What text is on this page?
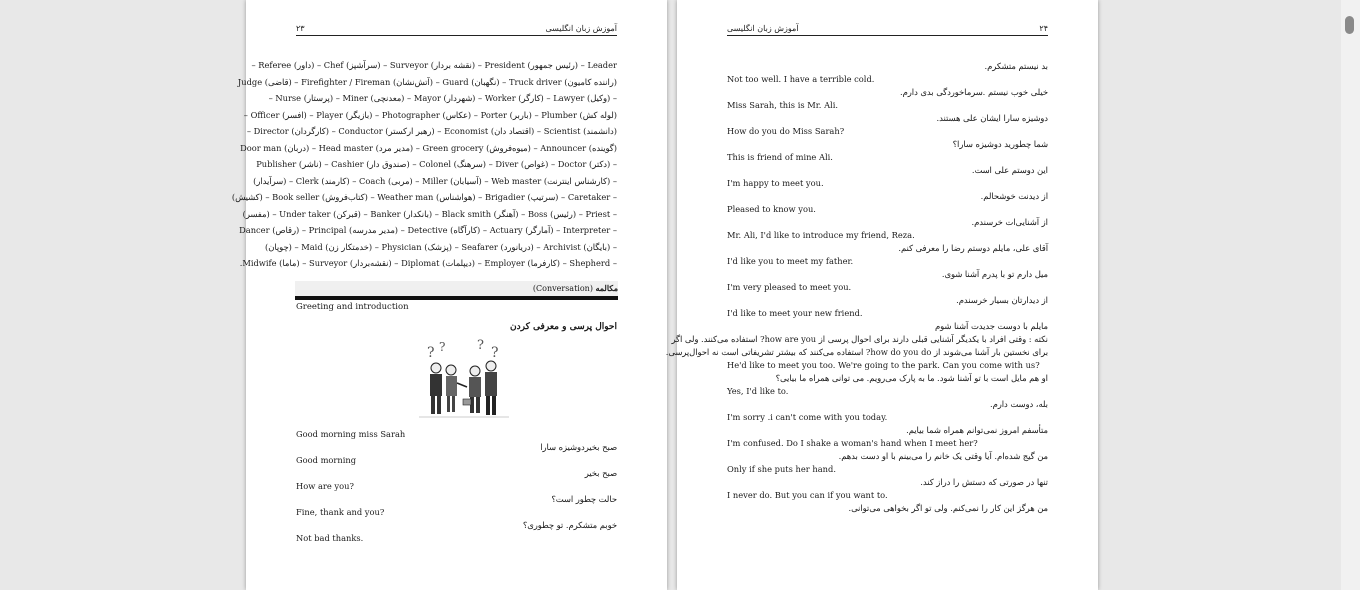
۲۳	آموزش زبان انگلیسی
Leader – (رئیس جمهور) President – (نقشه بردار) Surveyor – (سرآشپز) Chef – (داور) Referee –
(راننده کامیون) Truck driver – (نگهبان) Guard – (آتش‌نشان) Firefighter / Fireman – (قاضی) Judge
– (وکیل) Lawyer – (کارگر) Worker – (شهردار) Mayor – (معدنچی) Miner – (پرستار) Nurse –
(لوله کش) Plumber – (باربر) Porter – (عکاس) Photographer – (بازیگر) Player – (افسر) Officer –
(دانشمند) Scientist – (اقتصاد دان) Economist – (رهبر ارکستر) Conductor – (کارگردان) Director –
(گوینده) Announcer – (میوه‌فروش) Green grocery – (مدیر مرد) Head master – (دربان) Door man
– (دکتر) Doctor – (غواص) Diver – (سرهنگ) Colonel – (صندوق دار) Cashier – (ناشر) Publisher
– (کارشناس اینترنت) Web master – (آسیابان) Miller – (مربی) Coach – (کارمند) Clerk – (سرآیدار)
– Caretaker – (سرتیپ) Brigadier – (هواشناس) Weather man – (کتاب‌فروش) Book seller – (کشیش)
– Priest – (رئیس) Boss – (آهنگر) Black smith – (بانکدار) Banker – (قبرکن) Under taker – (مفسر)
– Interpreter – (آمارگر) Actuary – (کارآگاه) Detective – (مدیر مدرسه) Principal – (رقاص) Dancer
– (بایگان) Archivist – (دریانورد) Seafarer – (پزشک) Physician – (خدمتکار زن) Maid – (چوپان)
– Shepherd – (کارفرما) Employer – (دیپلمات) Diplomat – (نقشه‌بردار) Surveyor – (ماما) Midwife.
مکالمه (Conversation)
Greeting and introduction
احوال پرسی و معرفی کردن
? ? ? ?
Good morning miss Sarah
صبح بخیردوشیزه سارا
Good morning
صبح بخیر
How are you?
حالت چطور است؟
Fine, thank and you?
خوبم متشکرم. تو چطوری؟
Not bad thanks.
آموزش زبان انگلیسی	۲۴
بد نیستم متشکرم.
Not too well. I have a terrible cold.
خیلی خوب نیستم .سرماخوردگی بدی دارم.
Miss Sarah, this is Mr. Ali.
دوشیزه سارا ایشان علی هستند.
How do you do Miss Sarah?
شما چطورید دوشیزه سارا؟
This is friend of mine Ali.
این دوستم علی است.
I'm happy to meet you.
از دیدنت خوشحالم.
Pleased to know you.
از آشنایی‌ات خرسندم.
Mr. Ali, I'd like to introduce my friend, Reza.
آقای علی، مایلم دوستم رضا را معرفی کنم.
I'd like you to meet my father.
میل دارم تو با پدرم آشنا شوی.
I'm very pleased to meet you.
از دیدارتان بسیار خرسندم.
I'd like to meet your new friend.
مایلم با دوست جدیدت آشنا شوم
نکته : وقتی افراد با یکدیگر آشنایی قبلی دارند برای احوال پرسی از how are you? استفاده می‌کنند. ولی اگر
برای نخستین بار آشنا می‌شوند از how do you do? استفاده می‌کنند که بیشتر تشریفاتی است نه احوال‌پرسی.
He'd like to meet you too. We're going to the park. Can you come with us?
او هم مایل است با تو آشنا شود. ما به پارک می‌رویم. می توانی همراه ما بیایی؟
Yes, I'd like to.
بله، دوست دارم.
I'm sorry .i can't come with you today.
متأسفم امروز نمی‌توانم همراه شما بیایم.
I'm confused. Do I shake a woman's hand when I meet her?
من گیج شده‌ام. آیا وقتی یک خانم را می‌بینم با او دست بدهم.
Only if she puts her hand.
تنها در صورتی که دستش را دراز کند.
I never do. But you can if you want to.
من هرگز این کار را نمی‌کنم. ولی تو اگر بخواهی می‌توانی.
